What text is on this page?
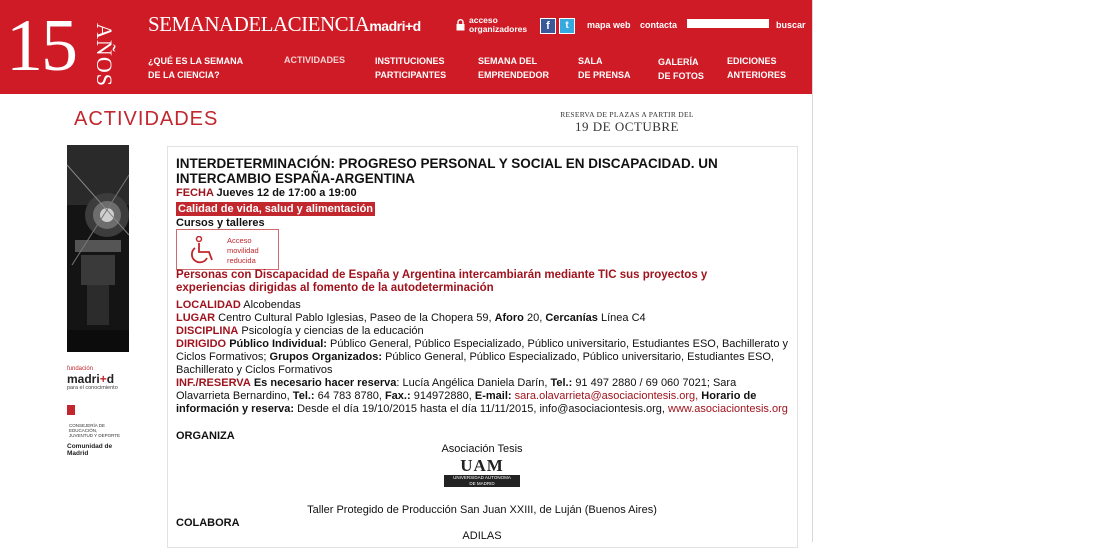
15 AÑOS SEMANADELACIENCIAmadri+d	acceso
organizadores	f	t	mapa web contacta	buscar
¿QUÉ ES LA SEMANA
DE LA CIENCIA?
ACTIVIDADES	INSTITUCIONES
PARTICIPANTES
SEMANA DEL
EMPRENDEDOR
SALA
DE PRENSA
GALERÍA
DE FOTOS
EDICIONES
ANTERIORES
ACTIVIDADES	RESERVA DE PLAZAS A PARTIR DEL
19 DE OCTUBRE
fundación
madri+d
para el conocimiento
CONSEJERÍA DE EDUCACIÓN,
JUVENTUD Y DEPORTE
Comunidad de Madrid
INTERDETERMINACIÓN: PROGRESO PERSONAL Y SOCIAL EN DISCAPACIDAD. UN INTERCAMBIO ESPAÑA-ARGENTINA
FECHA Jueves 12 de 17:00 a 19:00
Calidad de vida, salud y alimentación
Cursos y talleres
Acceso
movilidad
reducida
Personas con Discapacidad de España y Argentina intercambiarán mediante TIC sus proyectos y experiencias dirigidas al fomento de la autodeterminación
LOCALIDAD Alcobendas
LUGAR Centro Cultural Pablo Iglesias, Paseo de la Chopera 59, Aforo 20, Cercanías Línea C4
DISCIPLINA Psicología y ciencias de la educación
DIRIGIDO Público Individual: Público General, Público Especializado, Público universitario, Estudiantes ESO, Bachillerato y Ciclos Formativos; Grupos Organizados: Público General, Público Especializado, Público universitario, Estudiantes ESO, Bachillerato y Ciclos Formativos
INF./RESERVA Es necesario hacer reserva: Lucía Angélica Daniela Darín, Tel.: 91 497 2880 / 69 060 7021; Sara Olavarrieta Bernardino, Tel.: 64 783 8780, Fax.: 914972880, E-mail: sara.olavarrieta@asociaciontesis.org, Horario de información y reserva: Desde el día 19/10/2015 hasta el día 11/11/2015, info@asociaciontesis.org, www.asociaciontesis.org
ORGANIZA
Asociación Tesis
UAM
UNIVERSIDAD AUTONOMA
DE MADRID
Taller Protegido de Producción San Juan XXIII, de Luján (Buenos Aires)
COLABORA
ADILAS
